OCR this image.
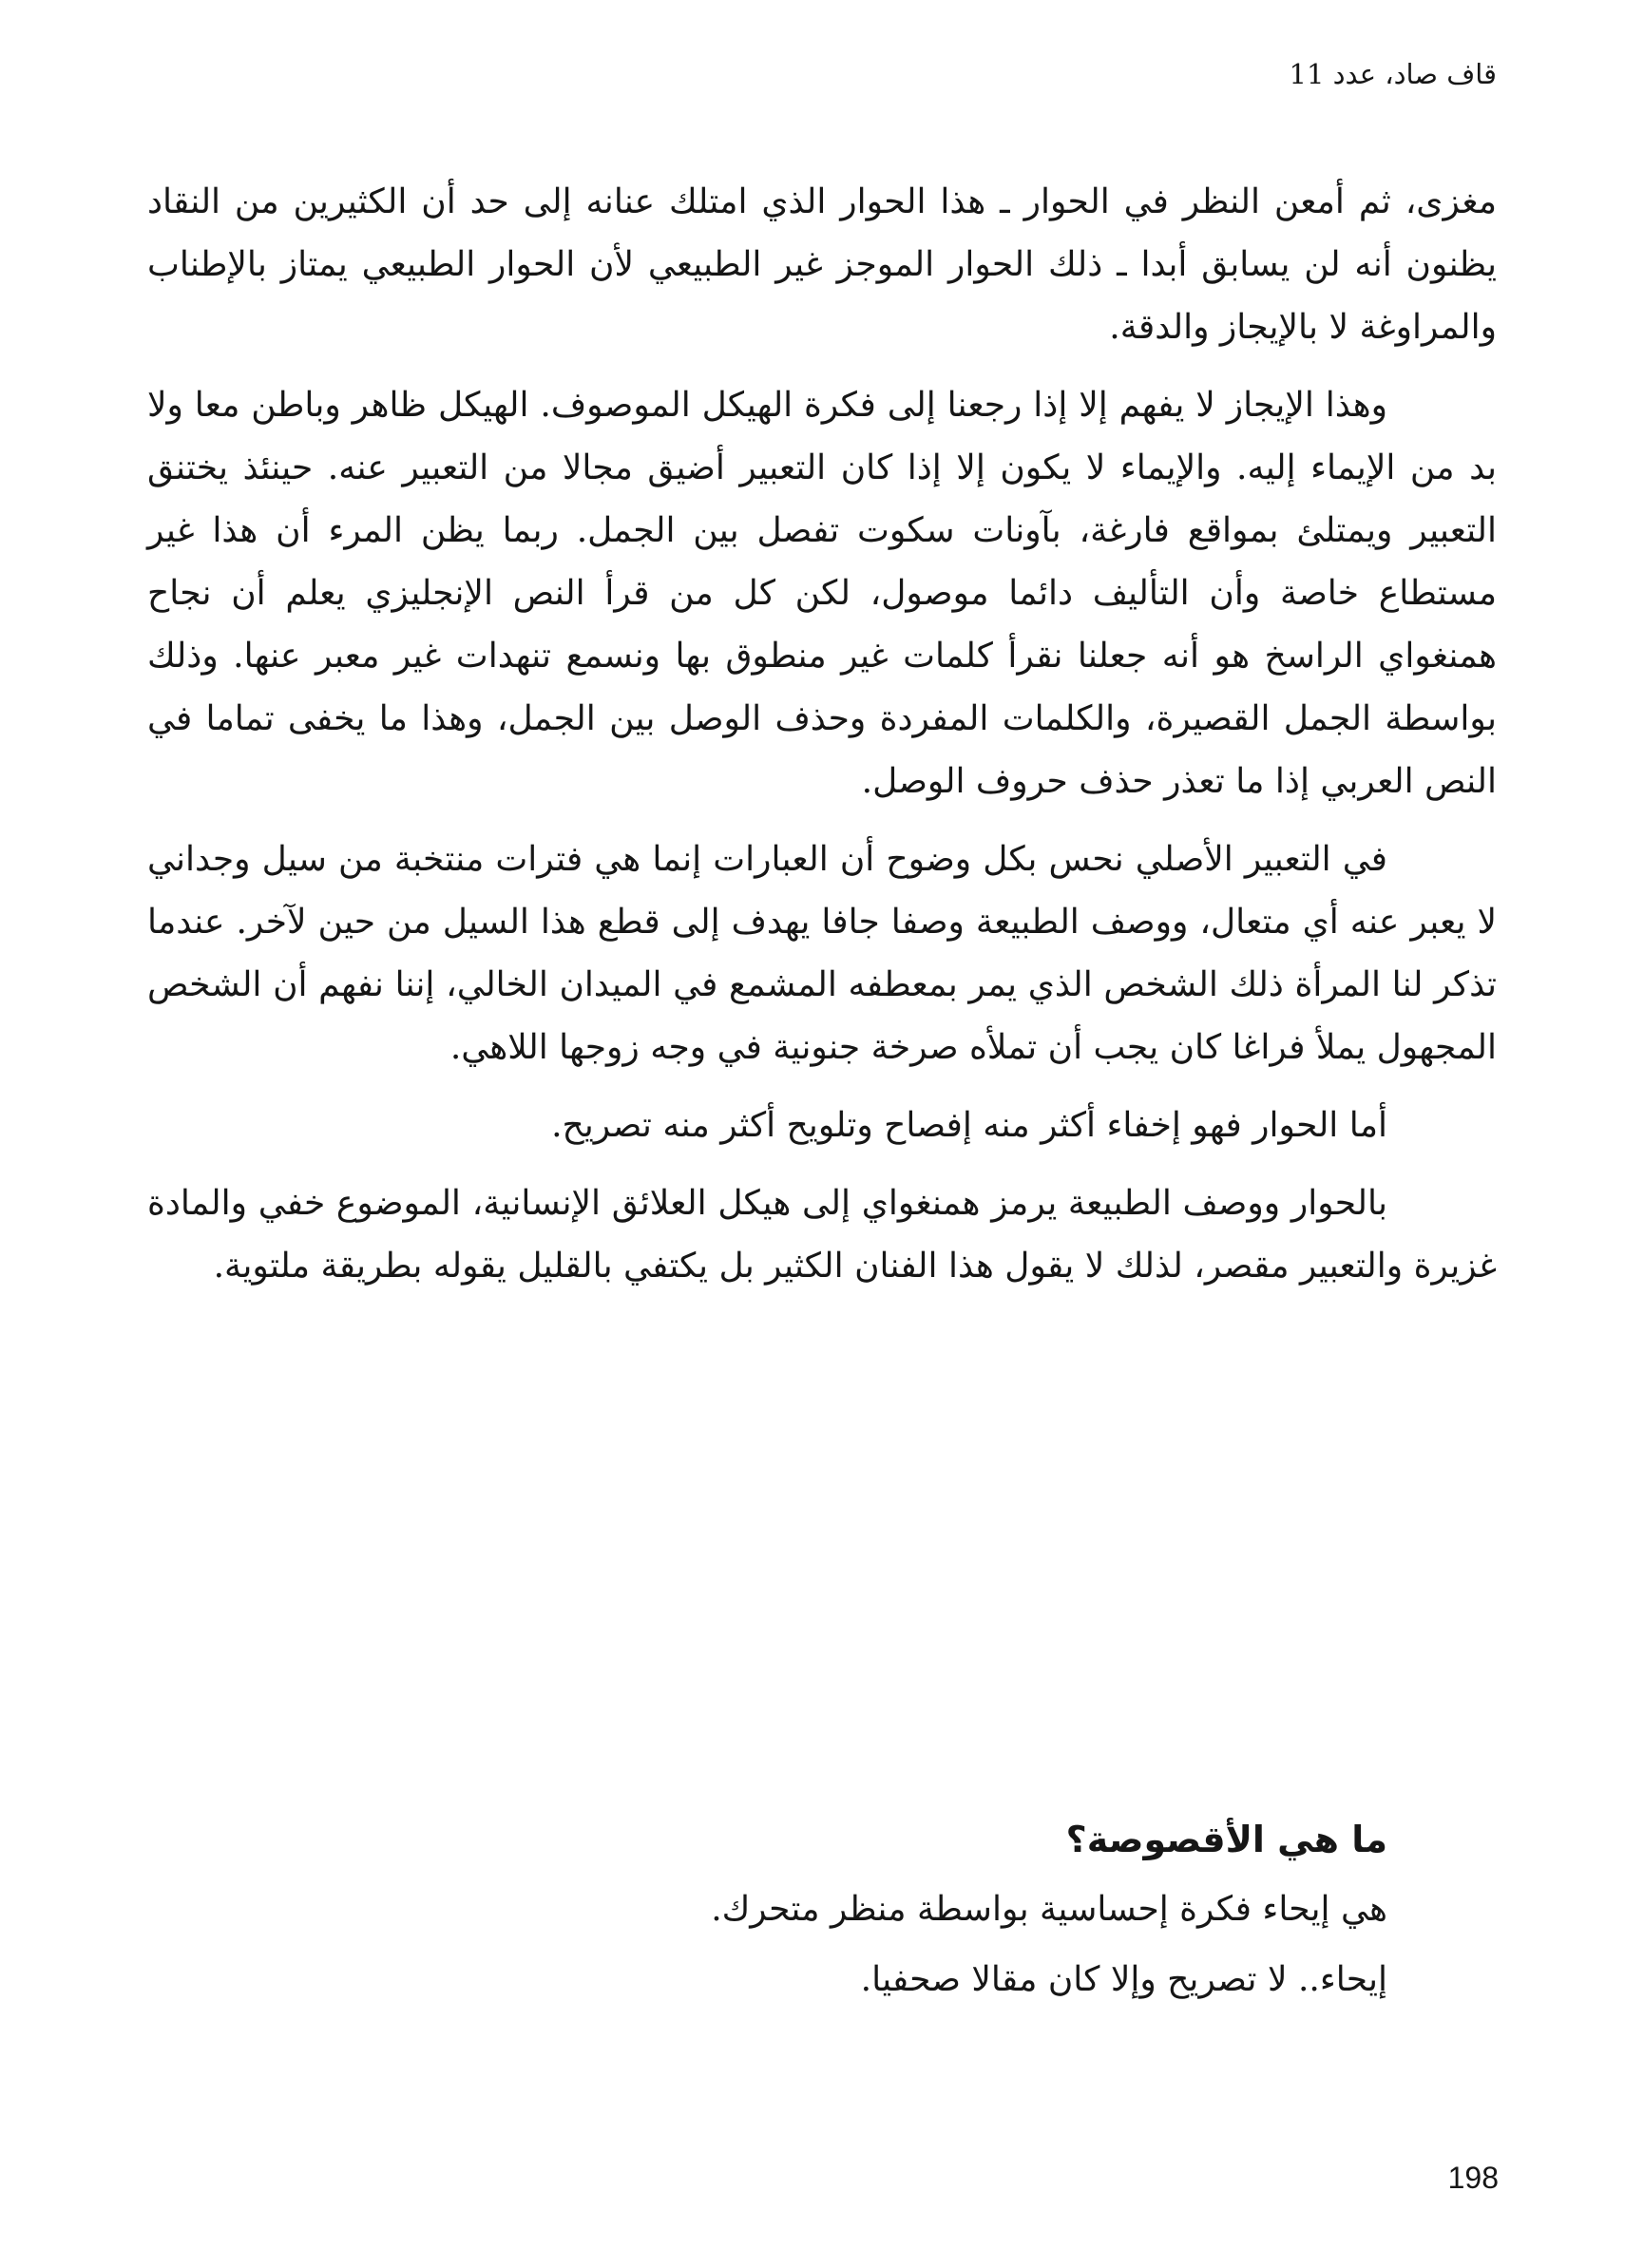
قاف صاد، عدد 11

مغزى، ثم أمعن النظر في الحوار ـ هذا الحوار الذي امتلك عنانه إلى حد أن الكثيرين من النقاد يظنون أنه لن يسابق أبدا ـ ذلك الحوار الموجز غير الطبيعي لأن الحوار الطبيعي يمتاز بالإطناب والمراوغة لا بالإيجاز والدقة.

وهذا الإيجاز لا يفهم إلا إذا رجعنا إلى فكرة الهيكل الموصوف. الهيكل ظاهر وباطن معا ولا بد من الإيماء إليه. والإيماء لا يكون إلا إذا كان التعبير أضيق مجالا من التعبير عنه. حينئذ يختنق التعبير ويمتلئ بمواقع فارغة، بآونات سكوت تفصل بين الجمل. ربما يظن المرء أن هذا غير مستطاع خاصة وأن التأليف دائما موصول، لكن كل من قرأ النص الإنجليزي يعلم أن نجاح همنغواي الراسخ هو أنه جعلنا نقرأ كلمات غير منطوق بها ونسمع تنهدات غير معبر عنها. وذلك بواسطة الجمل القصيرة، والكلمات المفردة وحذف الوصل بين الجمل، وهذا ما يخفى تماما في النص العربي إذا ما تعذر حذف حروف الوصل.

في التعبير الأصلي نحس بكل وضوح أن العبارات إنما هي فترات منتخبة من سيل وجداني لا يعبر عنه أي متعال، ووصف الطبيعة وصفا جافا يهدف إلى قطع هذا السيل من حين لآخر. عندما تذكر لنا المرأة ذلك الشخص الذي يمر بمعطفه المشمع في الميدان الخالي، إننا نفهم أن الشخص المجهول يملأ فراغا كان يجب أن تملأه صرخة جنونية في وجه زوجها اللاهي.

أما الحوار فهو إخفاء أكثر منه إفصاح وتلويح أكثر منه تصريح.

بالحوار ووصف الطبيعة يرمز همنغواي إلى هيكل العلائق الإنسانية، الموضوع خفي والمادة غزيرة والتعبير مقصر، لذلك لا يقول هذا الفنان الكثير بل يكتفي بالقليل يقوله بطريقة ملتوية.

ما هي الأقصوصة؟

هي إيحاء فكرة إحساسية بواسطة منظر متحرك.

إيحاء.. لا تصريح وإلا كان مقالا صحفيا.

198
